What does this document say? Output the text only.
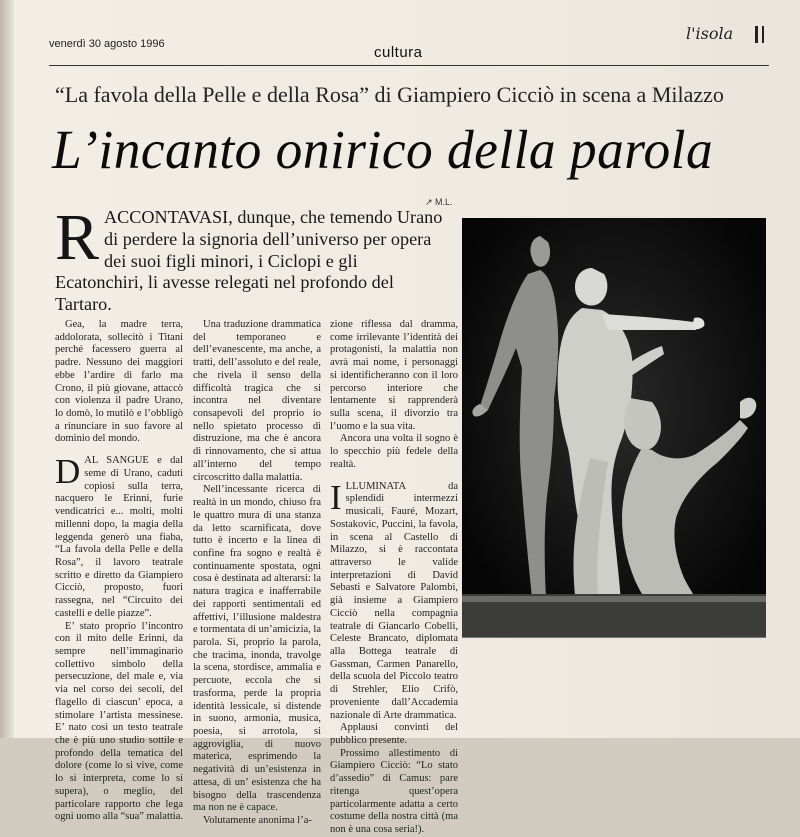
venerdì 30 agosto 1996	cultura
l'isola
“La favola della Pelle e della Rosa” di Giampiero Cicciò in scena a Milazzo
L’incanto onirico della parola
↗ M.L.
RACCONTAVASI, dunque, che temendo Urano di perdere la signoria dell’universo per opera dei suoi figli minori, i Ciclopi e gli Ecatonchiri, li avesse relegati nel profondo del Tartaro.

Gea, la madre terra, addolorata, sollecitò i Titani perché facessero guerra al padre. Nessuno dei maggiori ebbe l’ardire di farlo ma Crono, il più giovane, attaccò con violenza il padre Urano, lo domò, lo mutilò e l’obbligò a rinunciare in suo favore al dominio del mondo.

DAL SANGUE e dal seme di Urano, caduti copiosi sulla terra, nacquero le Erinni, furie vendicatrici e... molti, molti millenni dopo, la magia della leggenda generò una fiaba, “La favola della Pelle e della Rosa”, il lavoro teatrale scritto e diretto da Giampiero Cicciò, proposto, fuori rassegna, nel “Circuito dei castelli e delle piazze”.

E’ stato proprio l’incontro con il mito delle Erinni, da sempre nell’immaginario collettivo simbolo della persecuzione, del male e, via via nel corso dei secoli, del flagello di ciascun’ epoca, a stimolare l’artista messinese. E’ nato così un testo teatrale che è più uno studio sottile e profondo della tematica del dolore (come lo si vive, come lo si interpreta, come lo si supera), o meglio, del particolare rapporto che lega ogni uomo alla “sua” malattia.

Una traduzione drammatica del temporaneo e dell’evanescente, ma anche, a tratti, dell’assoluto e del reale, che rivela il senso della difficoltà tragica che si incontra nel diventare consapevoli del proprio io nello spietato processo di distruzione, ma che è ancora di rinnovamento, che si attua all’interno del tempo circoscritto dalla malattia.

Nell’incessante ricerca di realtà in un mondo, chiuso fra le quattro mura di una stanza da letto scarnificata, dove tutto è incerto e la linea di confine fra sogno e realtà è continuamente spostata, ogni cosa è destinata ad alterarsi: la natura tragica e inafferrabile dei rapporti sentimentali ed affettivi, l’illusione maldestra e tormentata di un’amicizia, la parola. Sì, proprio la parola, che tracima, inonda, travolge la scena, stordisce, ammalia e percuote, eccola che si trasforma, perde la propria identità lessicale, si distende in suono, armonia, musica, poesia, si arrotola, si aggroviglia, di nuovo materica, esprimendo la negatività di un’esistenza in attesa, di un’ esistenza che ha bisogno della trascendenza ma non ne è capace.

Volutamente anonima l’a-

zione riflessa dal dramma, come irrilevante l’identità dei protagonisti, la malattia non avrà mai nome, i personaggi si identificheranno con il loro percorso interiore che lentamente si rapprenderà sulla scena, il divorzio tra l’uomo e la sua vita.

Ancora una volta il sogno è lo specchio più fedele della realtà.

ILLUMINATA da splendidi intermezzi musicali, Fauré, Mozart, Sostakovic, Puccini, la favola, in scena al Castello di Milazzo, si è raccontata attraverso le valide interpretazioni di David Sebasti e Salvatore Palombi, già insieme a Giampiero Cicciò nella compagnia teatrale di Giancarlo Cobelli, Celeste Brancato, diplomata alla Bottega teatrale di Gassman, Carmen Panarello, della scuola del Piccolo teatro di Strehler, Elio Crifò, proveniente dall’Accademia nazionale di Arte drammatica.

Applausi convinti del pubblico presente.

Prossimo allestimento di Giampiero Cicciò: “Lo stato d’assedio” di Camus: pare ritenga quest’opera particolarmente adatta a certo costume della nostra città (ma non è una cosa seria!).
